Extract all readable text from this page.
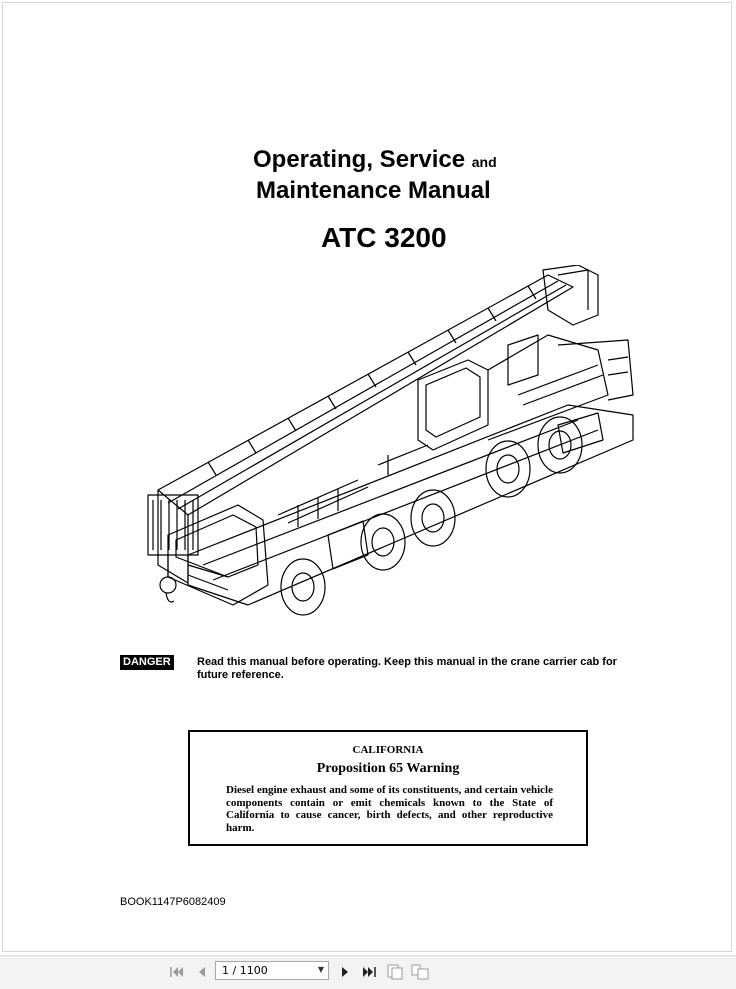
Operating, Service and
Maintenance Manual
ATC 3200
DANGER Read this manual before operating. Keep this manual in the crane carrier cab for future reference.
CALIFORNIA
Proposition 65 Warning
Diesel engine exhaust and some of its constituents, and certain vehicle components contain or emit chemicals known to the State of California to cause cancer, birth defects, and other reproductive harm.
BOOK1147P6082409
1 / 1100	▼
